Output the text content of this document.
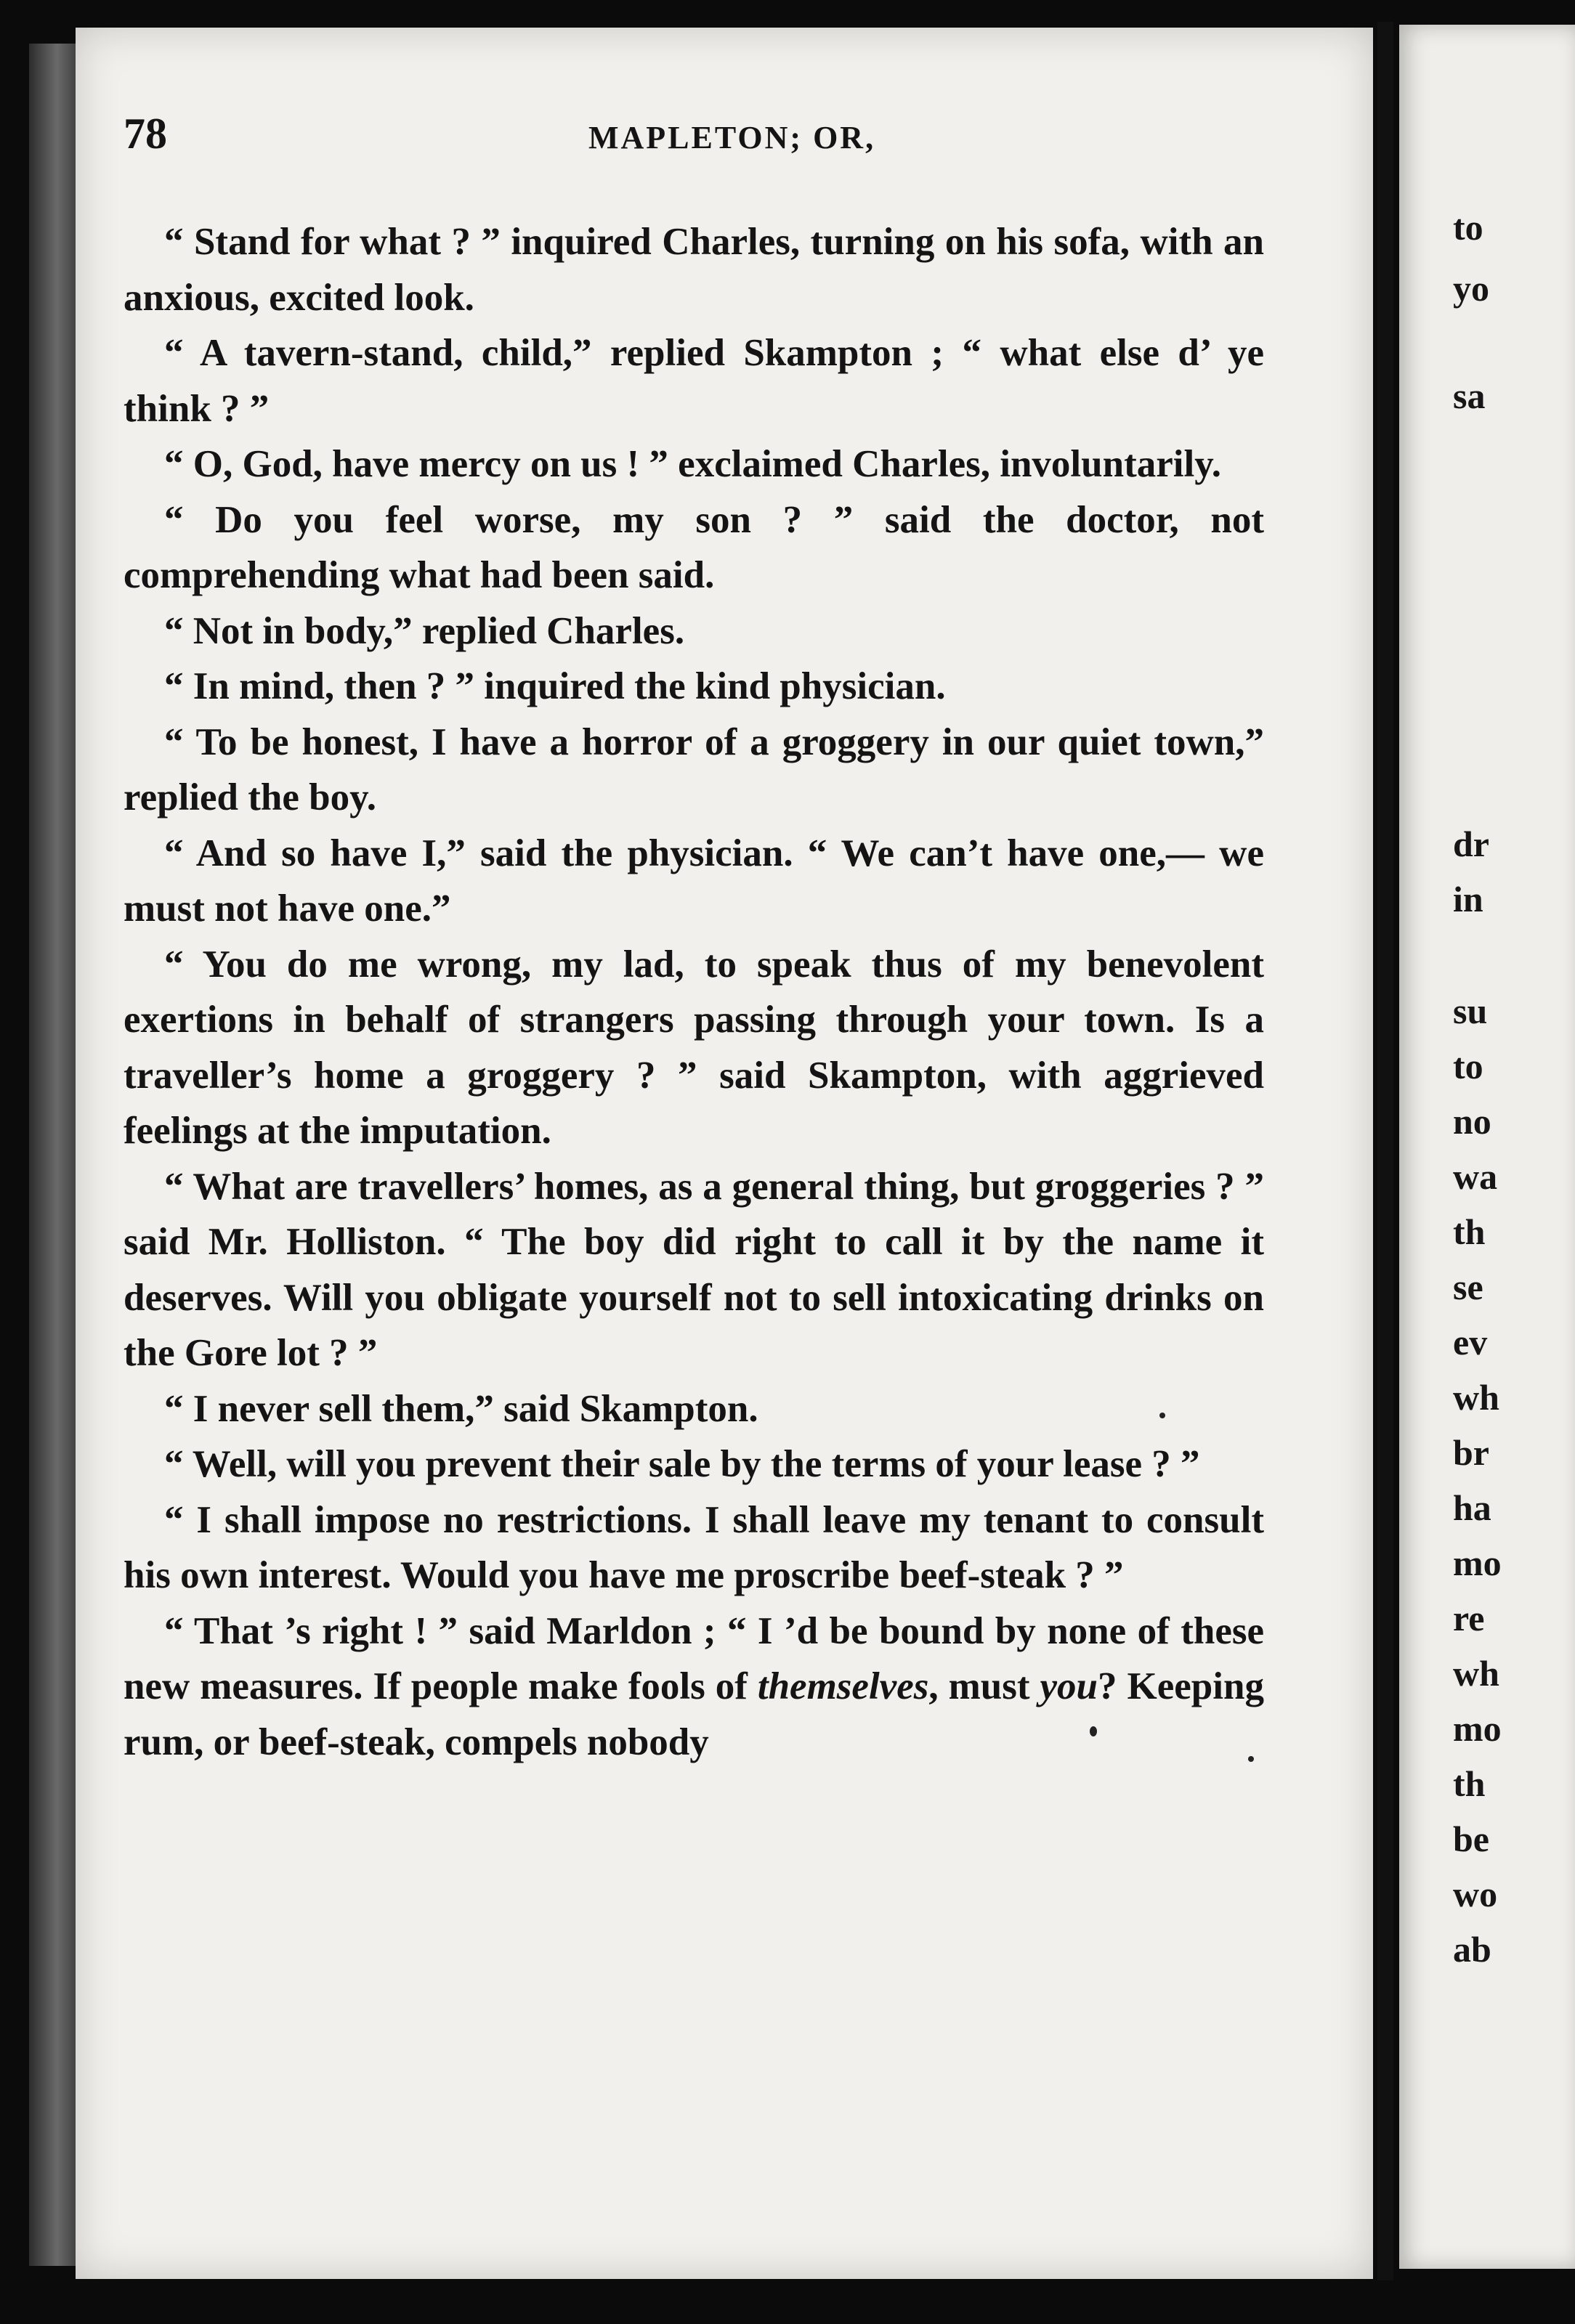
78	MAPLETON; OR,

“ Stand for what ? ” inquired Charles, turning on his sofa, with an anxious, excited look.

“ A tavern-stand, child,” replied Skampton ; “ what else d’ ye think ? ”

“ O, God, have mercy on us ! ” exclaimed Charles, involuntarily.

“ Do you feel worse, my son ? ” said the doctor, not comprehending what had been said.

“ Not in body,” replied Charles.

“ In mind, then ? ” inquired the kind physician.

“ To be honest, I have a horror of a groggery in our quiet town,” replied the boy.

“ And so have I,” said the physician. “ We can’t have one,— we must not have one.”

“ You do me wrong, my lad, to speak thus of my benevolent exertions in behalf of strangers passing through your town. Is a traveller’s home a groggery ? ” said Skampton, with aggrieved feelings at the imputation.

“ What are travellers’ homes, as a general thing, but groggeries ? ” said Mr. Holliston. “ The boy did right to call it by the name it deserves. Will you obligate yourself not to sell intoxicating drinks on the Gore lot ? ”

“ I never sell them,” said Skampton.

“ Well, will you prevent their sale by the terms of your lease ? ”

“ I shall impose no restrictions. I shall leave my tenant to consult his own interest. Would you have me proscribe beef-steak ? ”

“ That ’s right ! ” said Marldon ; “ I ’d be bound by none of these new measures. If people make fools of themselves, must you? Keeping rum, or beef-steak, compels nobody

to
yo
sa
dr
in
su
to
no
wa
th
se
ev
wh
br
ha
mo
re
wh
mo
th
be
wo
ab
